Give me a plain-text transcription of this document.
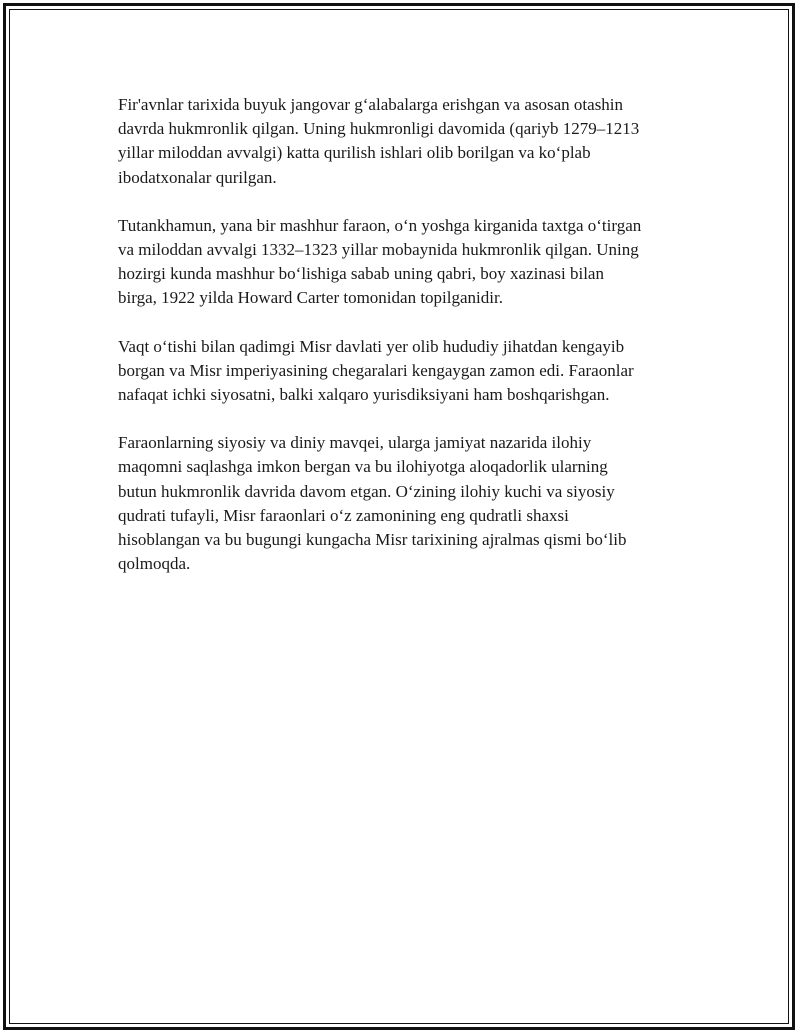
Fir'avnlar tarixida buyuk jangovar g‘alabalarga erishgan va asosan otashin
davrda hukmronlik qilgan. Uning hukmronligi davomida (qariyb 1279–1213
yillar miloddan avvalgi) katta qurilish ishlari olib borilgan va ko‘plab
ibodatxonalar qurilgan.

Tutankhamun, yana bir mashhur faraon, o‘n yoshga kirganida taxtga o‘tirgan
va miloddan avvalgi 1332–1323 yillar mobaynida hukmronlik qilgan. Uning
hozirgi kunda mashhur bo‘lishiga sabab uning qabri, boy xazinasi bilan
birga, 1922 yilda Howard Carter tomonidan topilganidir.

Vaqt o‘tishi bilan qadimgi Misr davlati yer olib hududiy jihatdan kengayib
borgan va Misr imperiyasining chegaralari kengaygan zamon edi. Faraonlar
nafaqat ichki siyosatni, balki xalqaro yurisdiksiyani ham boshqarishgan.

Faraonlarning siyosiy va diniy mavqei, ularga jamiyat nazarida ilohiy
maqomni saqlashga imkon bergan va bu ilohiyotga aloqadorlik ularning
butun hukmronlik davrida davom etgan. O‘zining ilohiy kuchi va siyosiy
qudrati tufayli, Misr faraonlari o‘z zamonining eng qudratli shaxsi
hisoblangan va bu bugungi kungacha Misr tarixining ajralmas qismi bo‘lib
qolmoqda.
